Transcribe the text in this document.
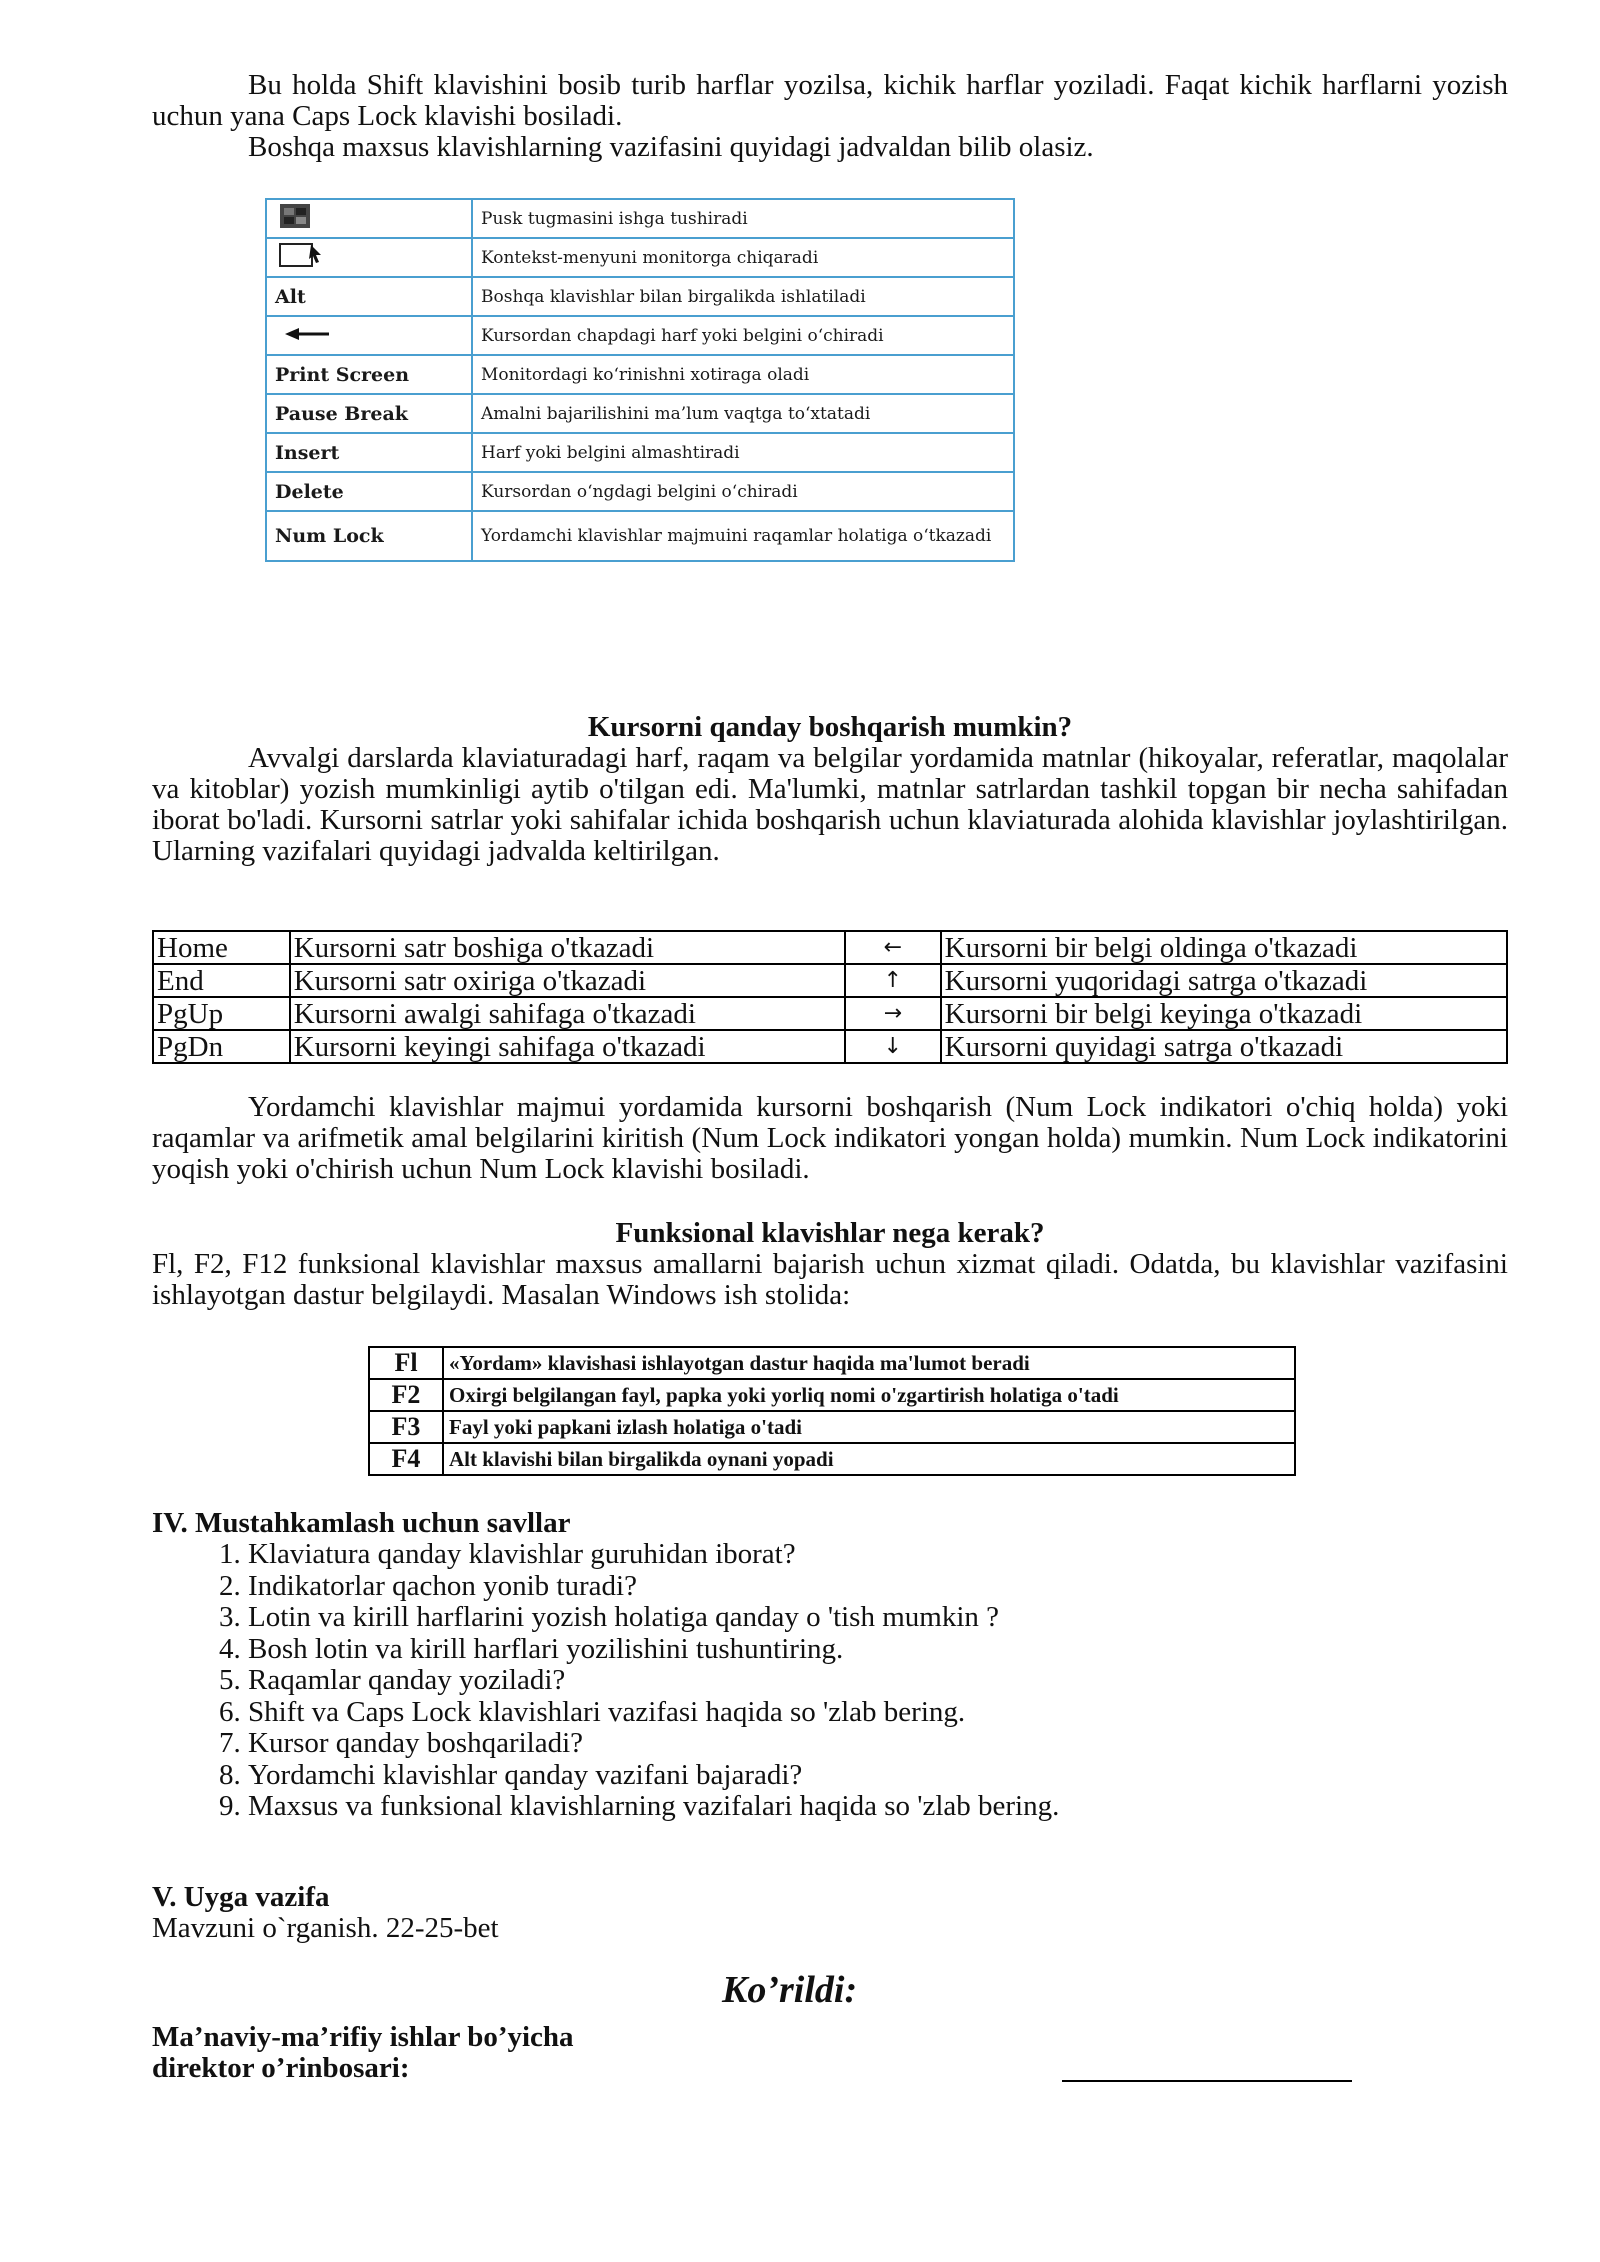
Bu holda Shift klavishini bosib turib harflar yozilsa, kichik harflar yoziladi. Faqat kichik harflarni yozish uchun yana Caps Lock klavishi bosiladi.

Boshqa maxsus klavishlarning vazifasini quyidagi jadvaldan bilib olasiz.

	Pusk tugmasini ishga tushiradi
	Kontekst-menyuni monitorga chiqaradi
Alt	Boshqa klavishlar bilan birgalikda ishlatiladi
	Kursordan chapdagi harf yoki belgini o‘chiradi
Print Screen	Monitordagi ko‘rinishni xotiraga oladi
Pause Break	Amalni bajarilishini ma’lum vaqtga to‘xtatadi
Insert	Harf yoki belgini almashtiradi
Delete	Kursordan o‘ngdagi belgini o‘chiradi
Num Lock	Yordamchi klavishlar majmuini raqamlar holatiga o‘tkazadi
Kursorni qanday boshqarish mumkin?

Avvalgi darslarda klaviaturadagi harf, raqam va belgilar yordamida matnlar (hikoyalar, referatlar, maqolalar va kitoblar) yozish mumkinligi aytib o'tilgan edi. Ma'lumki, matnlar satrlardan tashkil topgan bir necha sahifadan iborat bo'ladi. Kursorni satrlar yoki sahifalar ichida boshqarish uchun klaviaturada alohida klavishlar joylashtirilgan. Ularning vazifalari quyidagi jadvalda keltirilgan.

Home	Kursorni satr boshiga o'tkazadi	←	Kursorni bir belgi oldinga o'tkazadi
End	Kursorni satr oxiriga o'tkazadi	↑	Kursorni yuqoridagi satrga o'tkazadi
PgUp	Kursorni awalgi sahifaga o'tkazadi	→	Kursorni bir belgi keyinga o'tkazadi
PgDn	Kursorni keyingi sahifaga o'tkazadi	↓	Kursorni quyidagi satrga o'tkazadi

Yordamchi klavishlar majmui yordamida kursorni boshqarish (Num Lock indikatori o'chiq holda) yoki raqamlar va arifmetik amal belgilarini kiritish (Num Lock indikatori yongan holda) mumkin. Num Lock indikatorini yoqish yoki o'chirish uchun Num Lock klavishi bosiladi.

Funksional klavishlar nega kerak?

Fl, F2, F12 funksional klavishlar maxsus amallarni bajarish uchun xizmat qiladi. Odatda, bu klavishlar vazifasini ishlayotgan dastur belgilaydi. Masalan Windows ish stolida:

Fl	«Yordam» klavishasi ishlayotgan dastur haqida ma'lumot beradi
F2	Oxirgi belgilangan fayl, papka yoki yorliq nomi o'zgartirish holatiga o'tadi
F3	Fayl yoki papkani izlash holatiga o'tadi
F4	Alt klavishi bilan birgalikda oynani yopadi

IV. Mustahkamlash uchun savllar

1. Klaviatura qanday klavishlar guruhidan iborat?
2. Indikatorlar qachon yonib turadi?
3. Lotin va kirill harflarini yozish holatiga qanday o 'tish mumkin ?
4. Bosh lotin va kirill harflari yozilishini tushuntiring.
5. Raqamlar qanday yoziladi?
6. Shift va Caps Lock klavishlari vazifasi haqida so 'zlab bering.
7. Kursor qanday boshqariladi?
8. Yordamchi klavishlar qanday vazifani bajaradi?
9. Maxsus va funksional klavishlarning vazifalari haqida so 'zlab bering.

V. Uyga vazifa

Mavzuni o`rganish. 22-25-bet

Ko’rildi:

Ma’naviy-ma’rifiy ishlar bo’yicha

direktor o’rinbosari:
